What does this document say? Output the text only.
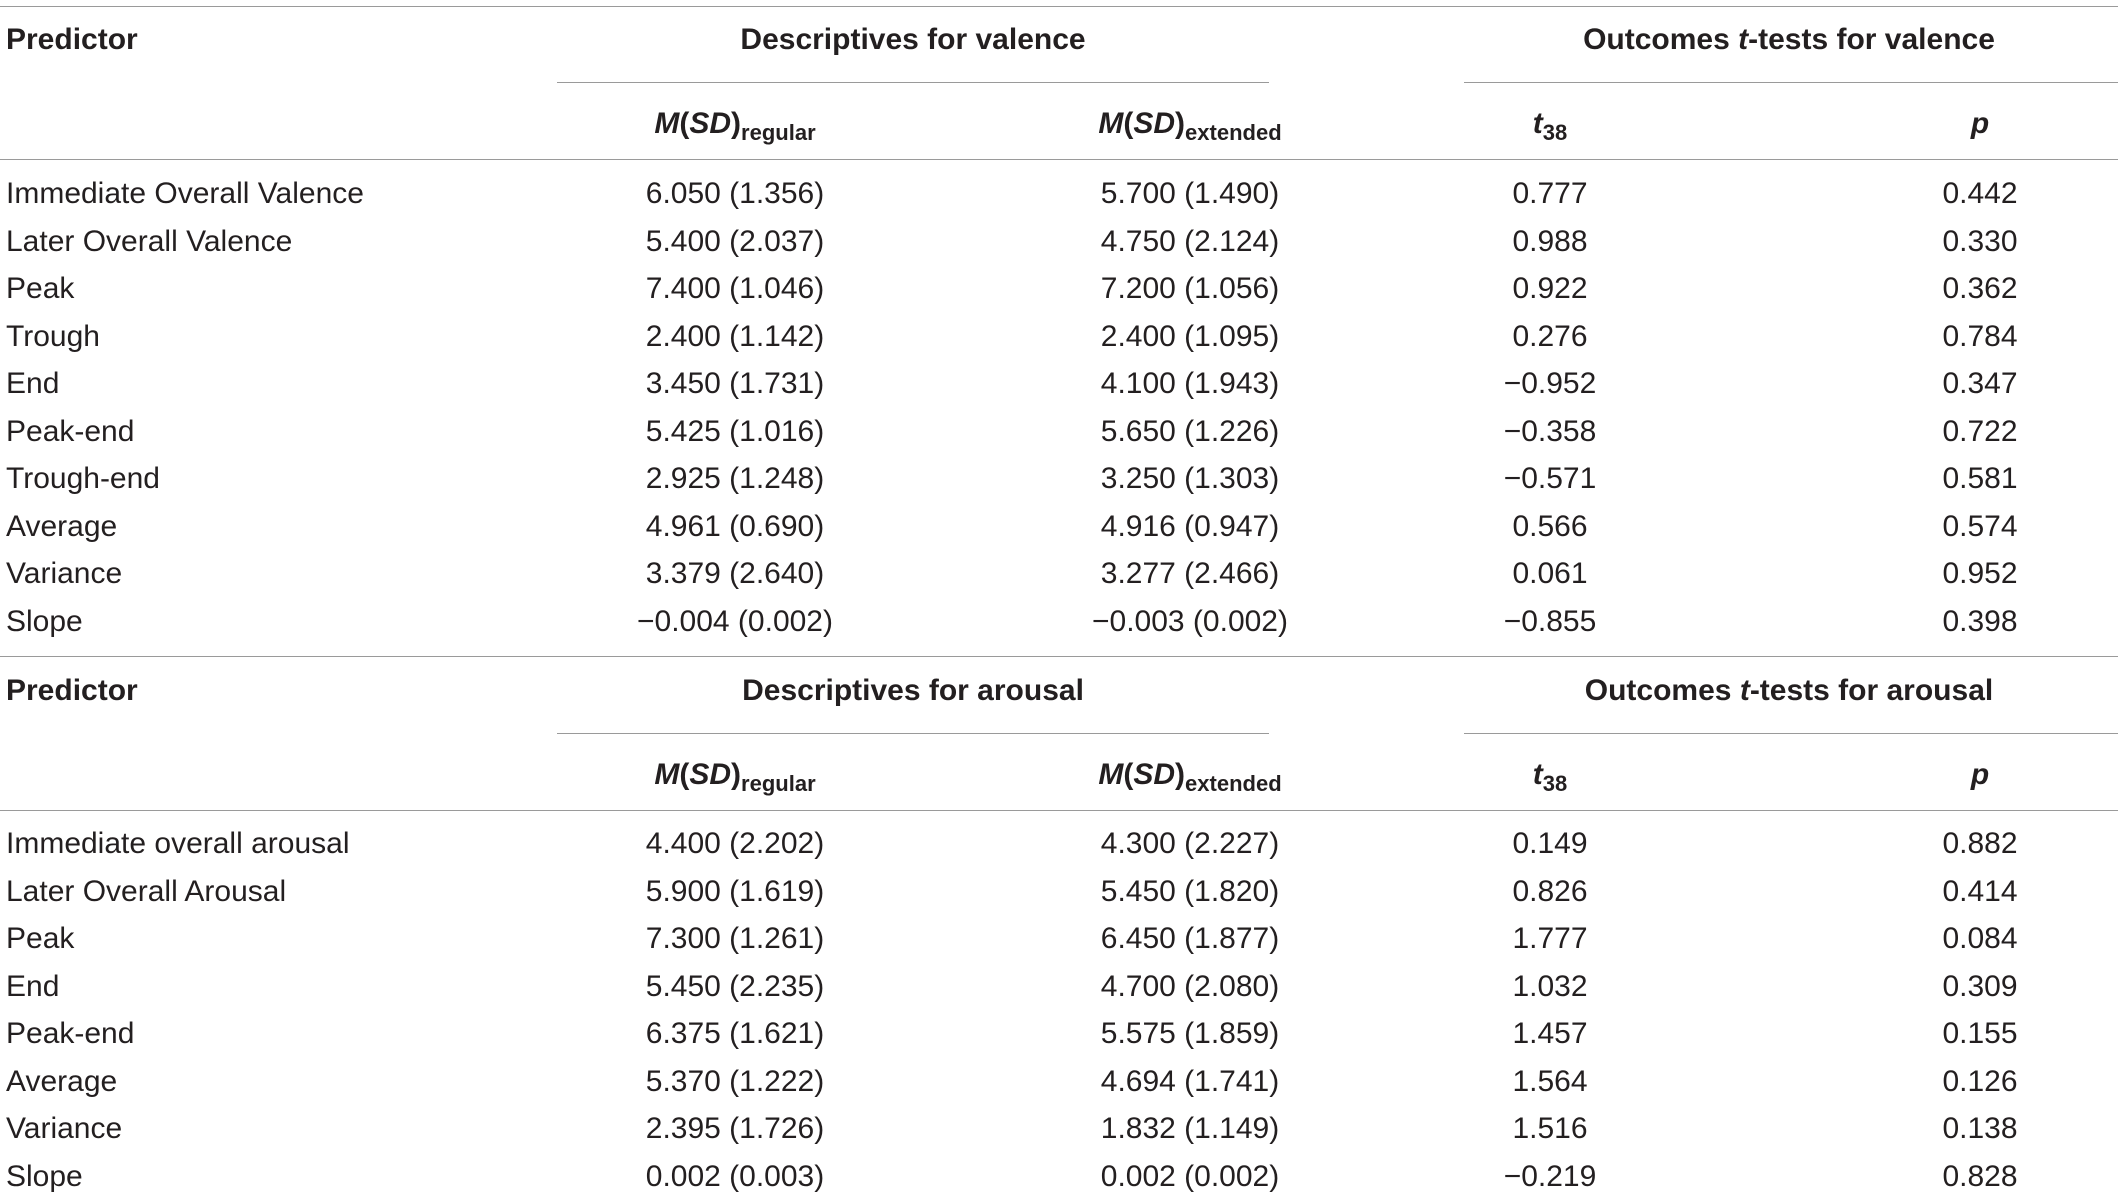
Predictor	Descriptives for valence	Outcomes t-tests for valence
$M(SD)_{regular}$	$M(SD)_{extended}$	$t_{38}$	p
Immediate Overall Valence	6.050 (1.356)	5.700 (1.490)	0.777	0.442
Later Overall Valence	5.400 (2.037)	4.750 (2.124)	0.988	0.330
Peak	7.400 (1.046)	7.200 (1.056)	0.922	0.362
Trough	2.400 (1.142)	2.400 (1.095)	0.276	0.784
End	3.450 (1.731)	4.100 (1.943)	−0.952	0.347
Peak-end	5.425 (1.016)	5.650 (1.226)	−0.358	0.722
Trough-end	2.925 (1.248)	3.250 (1.303)	−0.571	0.581
Average	4.961 (0.690)	4.916 (0.947)	0.566	0.574
Variance	3.379 (2.640)	3.277 (2.466)	0.061	0.952
Slope	−0.004 (0.002)	−0.003 (0.002)	−0.855	0.398
Predictor	Descriptives for arousal	Outcomes t-tests for arousal
$M(SD)_{regular}$	$M(SD)_{extended}$	$t_{38}$	p
Immediate overall arousal	4.400 (2.202)	4.300 (2.227)	0.149	0.882
Later Overall Arousal	5.900 (1.619)	5.450 (1.820)	0.826	0.414
Peak	7.300 (1.261)	6.450 (1.877)	1.777	0.084
End	5.450 (2.235)	4.700 (2.080)	1.032	0.309
Peak-end	6.375 (1.621)	5.575 (1.859)	1.457	0.155
Average	5.370 (1.222)	4.694 (1.741)	1.564	0.126
Variance	2.395 (1.726)	1.832 (1.149)	1.516	0.138
Slope	0.002 (0.003)	0.002 (0.002)	−0.219	0.828
